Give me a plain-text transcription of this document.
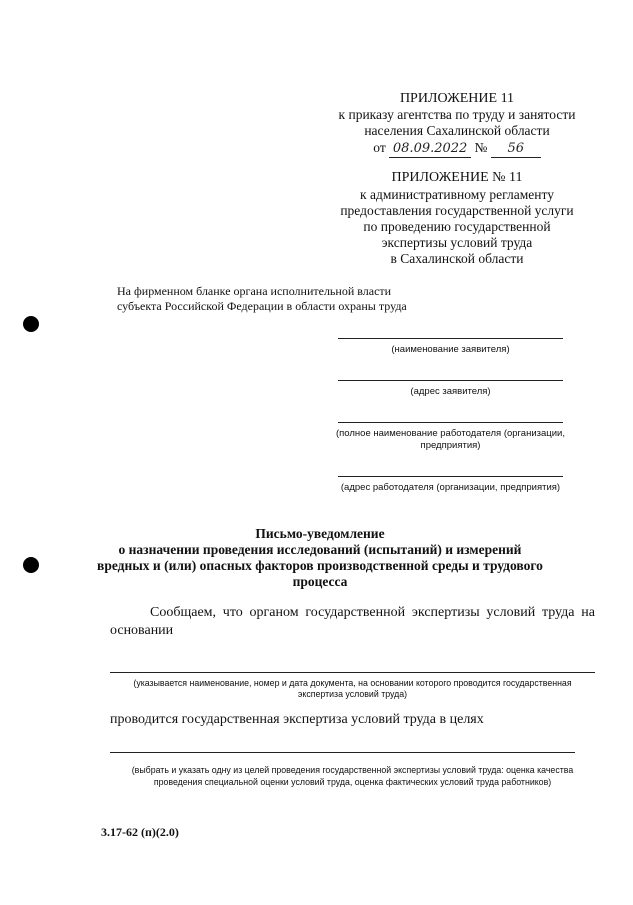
ПРИЛОЖЕНИЕ 11
к приказу агентства по труду и занятости
населения Сахалинской области
от 08.09.2022 № 56
ПРИЛОЖЕНИЕ № 11
к административному регламенту
предоставления государственной услуги
по проведению государственной
экспертизы условий труда
в Сахалинской области
На фирменном бланке органа исполнительной власти
субъекта Российской Федерации в области охраны труда
(наименование заявителя)
(адрес заявителя)
(полное наименование работодателя (организации,
предприятия)
(адрес работодателя (организации, предприятия)
Письмо-уведомление
о назначении проведения исследований (испытаний) и измерений
вредных и (или) опасных факторов производственной среды и трудового
процесса
Сообщаем, что органом государственной экспертизы условий труда на
основании
(указывается наименование, номер и дата документа, на основании которого проводится государственная
экспертиза условий труда)
проводится государственная экспертиза условий труда в целях
(выбрать и указать одну из целей проведения государственной экспертизы условий труда: оценка качества
проведения специальной оценки условий труда, оценка фактических условий труда работников)
3.17-62 (п)(2.0)
